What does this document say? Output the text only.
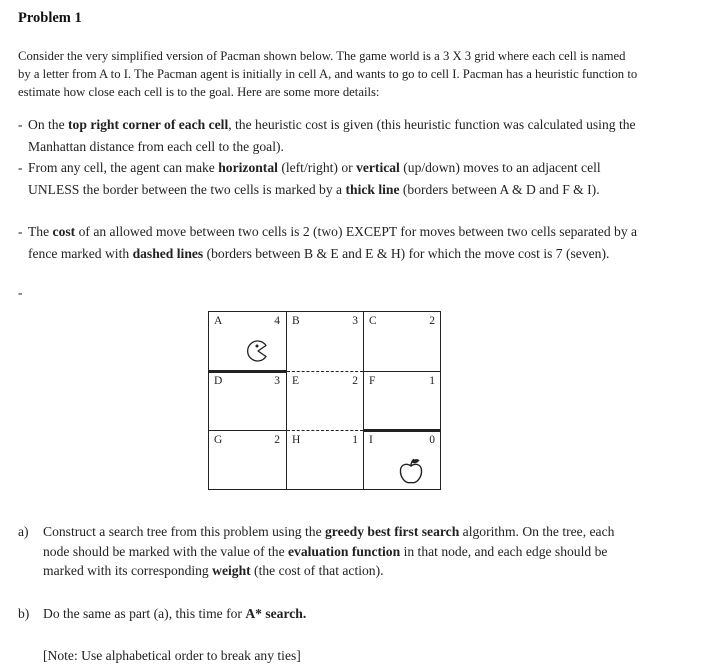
Problem 1
Consider the very simplified version of Pacman shown below. The game world is a 3 X 3 grid where each cell is named by a letter from A to I. The Pacman agent is initially in cell A, and wants to go to cell I. Pacman has a heuristic function to estimate how close each cell is to the goal. Here are some more details:
- On the top right corner of each cell, the heuristic cost is given (this heuristic function was calculated using the Manhattan distance from each cell to the goal).
- From any cell, the agent can make horizontal (left/right) or vertical (up/down) moves to an adjacent cell UNLESS the border between the two cells is marked by a thick line (borders between A & D and F & I).
- The cost of an allowed move between two cells is 2 (two) EXCEPT for moves between two cells separated by a fence marked with dashed lines (borders between B & E and E & H) for which the move cost is 7 (seven).
-
A	4 B	3 C	2
D	3 E	2 F	1
G	2 H	1 I	0
a) Construct a search tree from this problem using the greedy best first search algorithm. On the tree, each node should be marked with the value of the evaluation function in that node, and each edge should be marked with its corresponding weight (the cost of that action).
b) Do the same as part (a), this time for A* search.
[Note: Use alphabetical order to break any ties]
